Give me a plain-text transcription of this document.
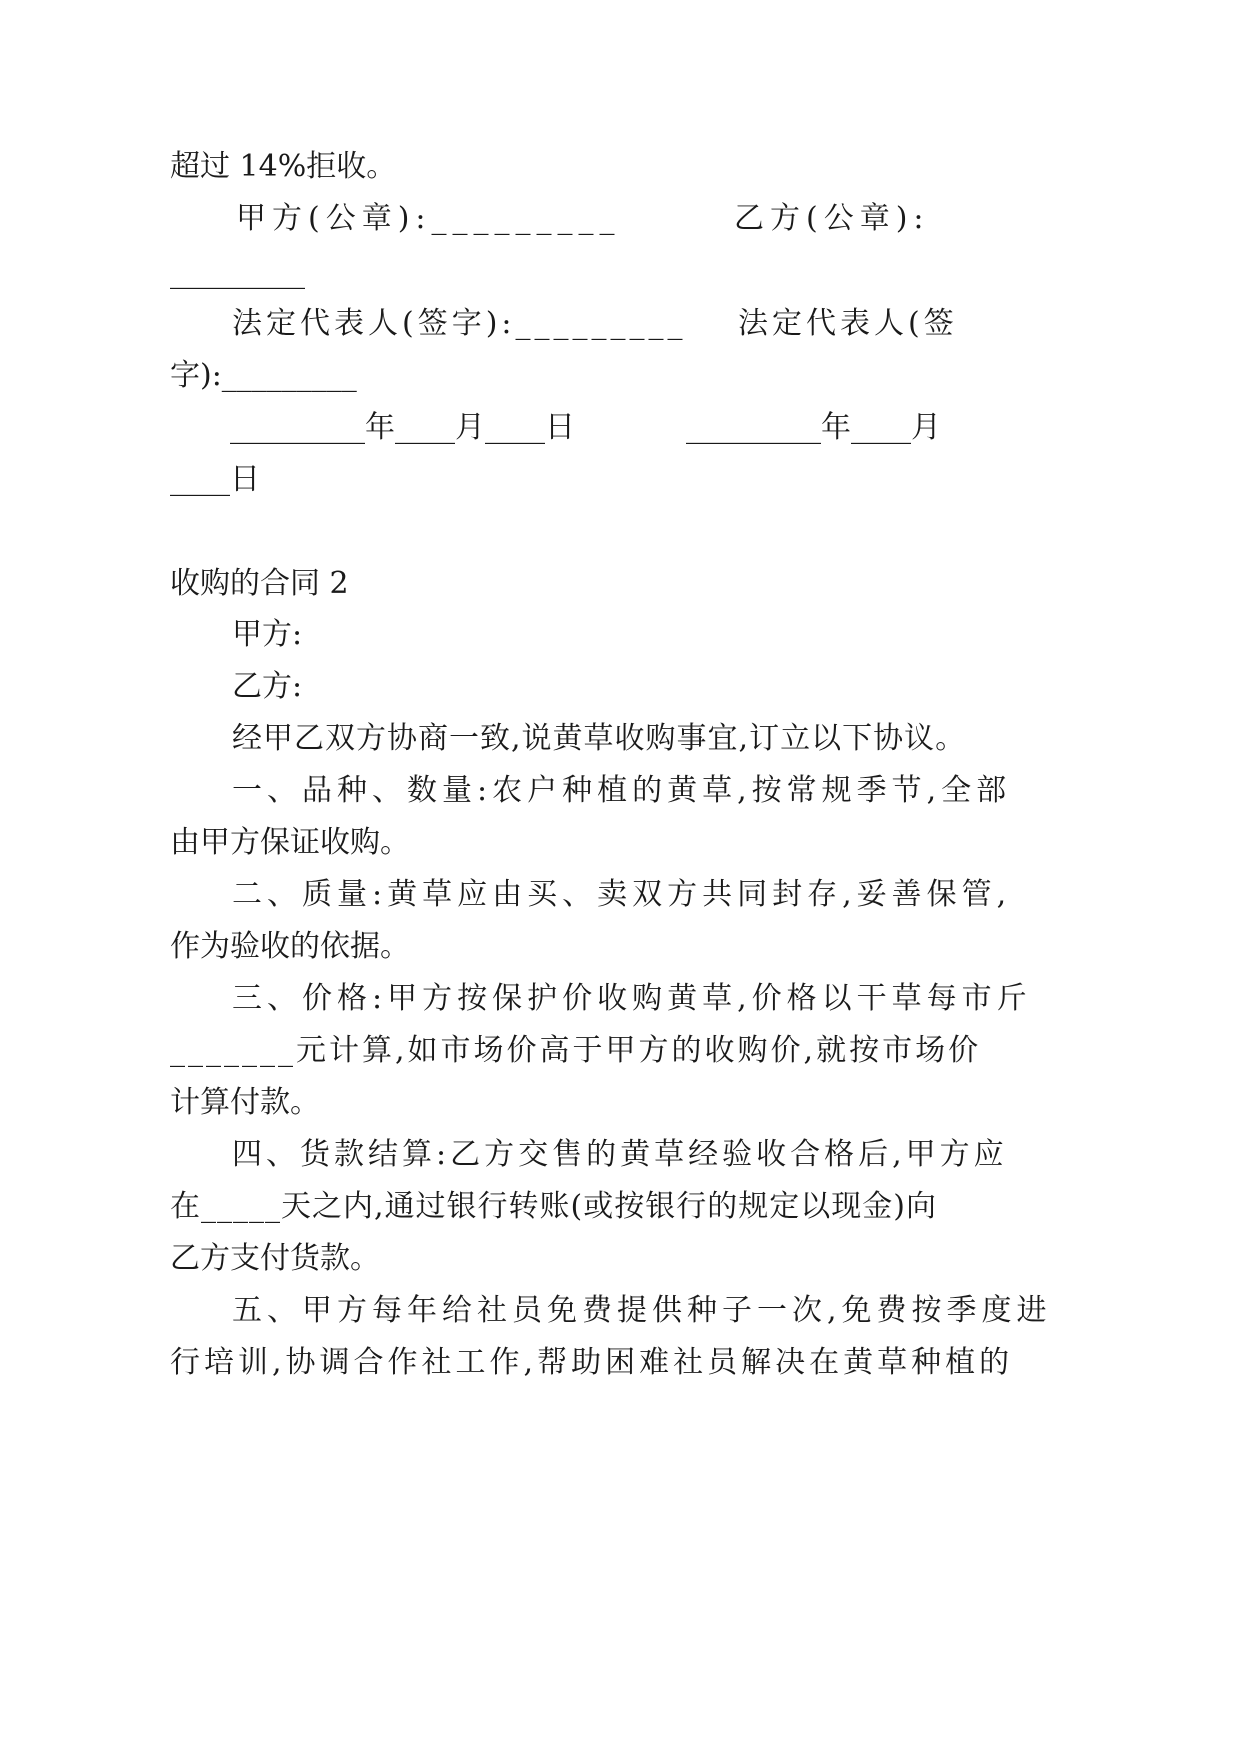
超过 14%拒收。
甲方(公章):_________	乙方(公章):
_________
法定代表人(签字):_________ 法定代表人(签
字):_________
_________年____月____日	_________年____月
____日
收购的合同 2
甲方:
乙方:
经甲乙双方协商一致,说黄草收购事宜,订立以下协议。
一、品种、数量:农户种植的黄草,按常规季节,全部
由甲方保证收购。
二、质量:黄草应由买、卖双方共同封存,妥善保管,
作为验收的依据。
三、价格:甲方按保护价收购黄草,价格以干草每市斤
_______元计算,如市场价高于甲方的收购价,就按市场价
计算付款。
四、货款结算:乙方交售的黄草经验收合格后,甲方应
在_____天之内,通过银行转账(或按银行的规定以现金)向
乙方支付货款。
五、甲方每年给社员免费提供种子一次,免费按季度进
行培训,协调合作社工作,帮助困难社员解决在黄草种植的
